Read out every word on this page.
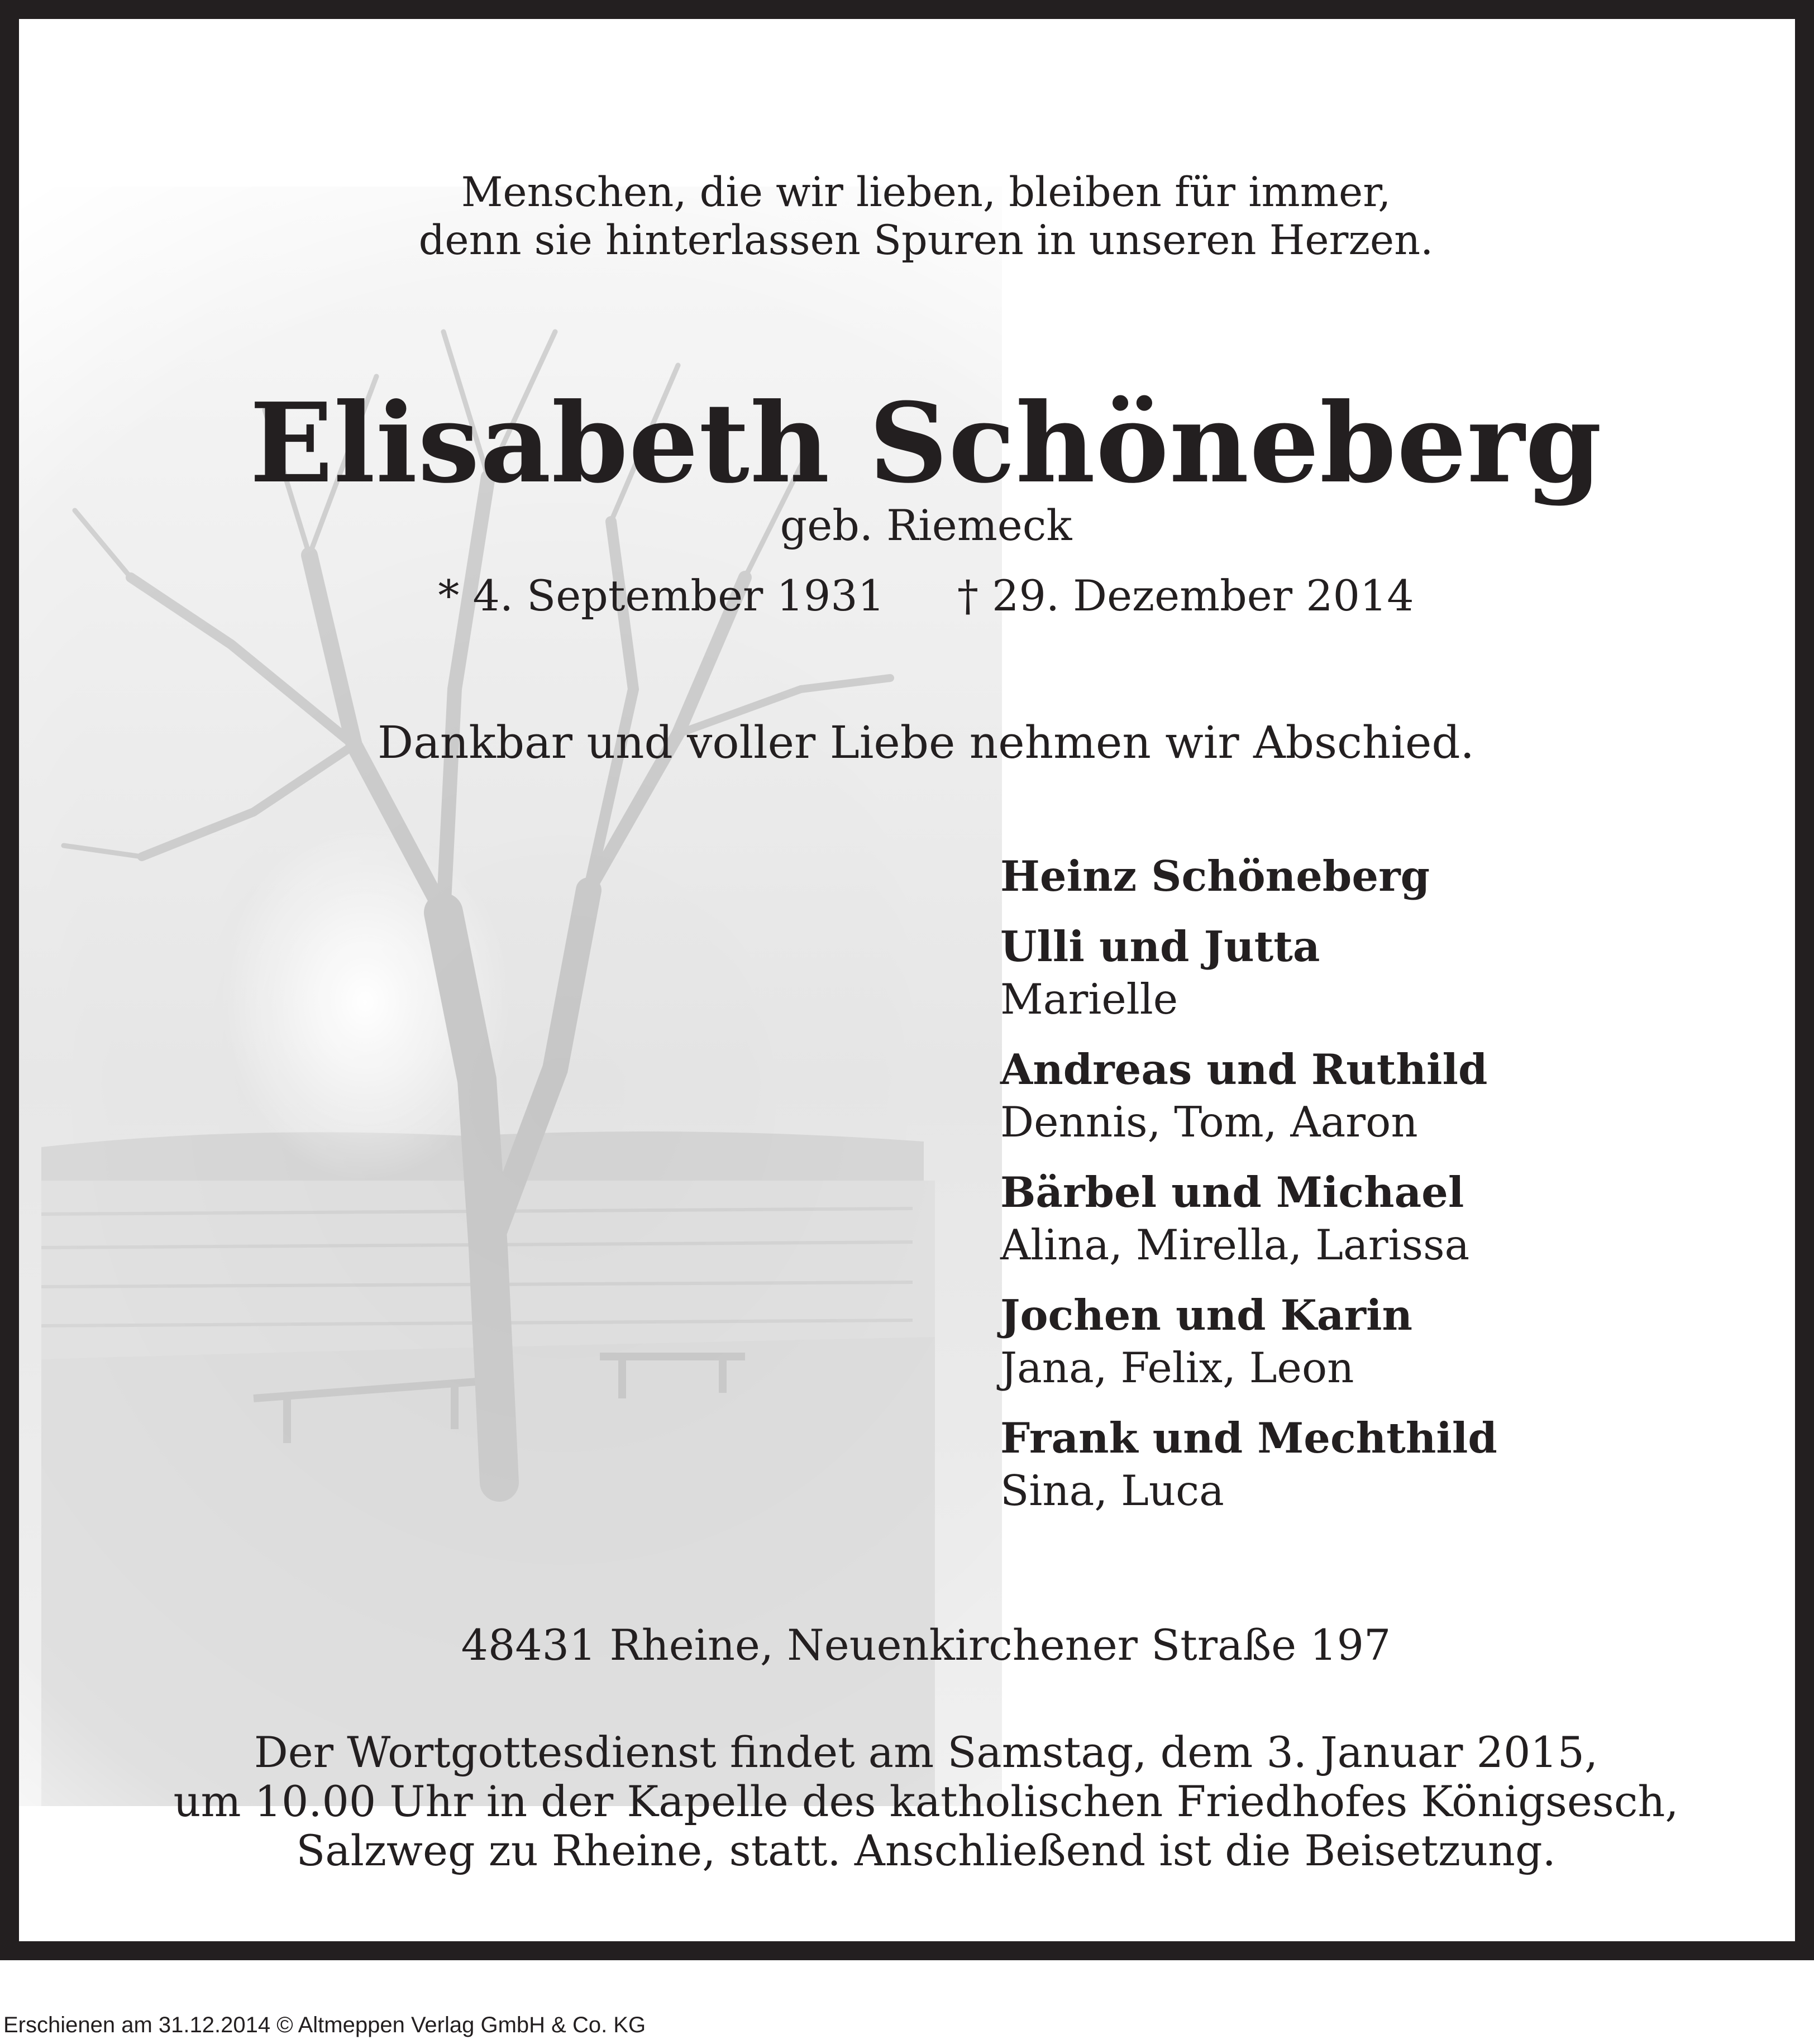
Menschen, die wir lieben, bleiben für immer,
denn sie hinterlassen Spuren in unseren Herzen.
Elisabeth Schöneberg
geb. Riemeck
* 4. September 1931 † 29. Dezember 2014
Dankbar und voller Liebe nehmen wir Abschied.
Heinz Schöneberg
Ulli und Jutta
Marielle
Andreas und Ruthild
Dennis, Tom, Aaron
Bärbel und Michael
Alina, Mirella, Larissa
Jochen und Karin
Jana, Felix, Leon
Frank und Mechthild
Sina, Luca
48431 Rheine, Neuenkirchener Straße 197
Der Wortgottesdienst findet am Samstag, dem 3. Januar 2015,
um 10.00 Uhr in der Kapelle des katholischen Friedhofes Königsesch,
Salzweg zu Rheine, statt. Anschließend ist die Beisetzung.
Erschienen am 31.12.2014 © Altmeppen Verlag GmbH & Co. KG
